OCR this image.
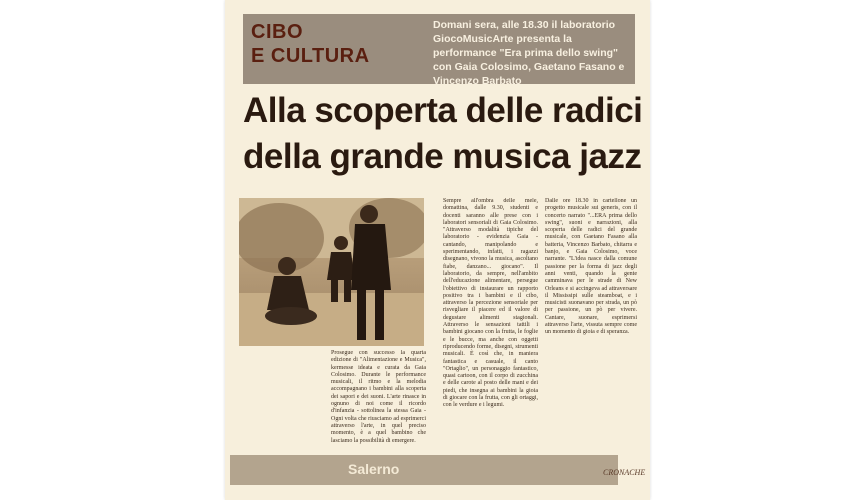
CIBO
E CULTURA
Domani sera, alle 18.30 il laboratorio GiocoMusicArte presenta la performance "Era prima dello swing" con Gaia Colosimo, Gaetano Fasano e Vincenzo Barbato
Alla scoperta delle radici
della grande musica jazz
Prosegue con successo la quarta edizione di "Alimentazione e Musica", kermesse ideata e curata da Gaia Colosimo. Durante le performance musicali, il ritmo e la melodia accompagnano i bambini alla scoperta dei sapori e dei suoni. L'arte rinasce in ognuno di noi come il ricordo d'infanzia - sottolinea la stessa Gaia - Ogni volta che riusciamo ad esprimerci attraverso l'arte, in quel preciso momento, è a quel bambino che lasciamo la possibilità di emergere.
Sempre all'ombra delle mele, domattina, dalle 9.30, studenti e docenti saranno alle prese con i laboratori sensoriali di Gaia Colosimo. "Attraverso modalità tipiche del laboratorio - evidenzia Gaia - cantando, manipolando e sperimentando, infatti, i ragazzi disegnano, vivono la musica, ascoltano fiabe, danzano... giocano". Il laboratorio, da sempre, nell'ambito dell'educazione alimentare, persegue l'obiettivo di instaurare un rapporto positivo tra i bambini e il cibo, attraverso la percezione sensoriale per risvegliare il piacere ed il valore di degustare alimenti stagionali. Attraverso le sensazioni tattili i bambini giocano con la frutta, le foglie e le bucce, ma anche con oggetti riproducendo forme, disegni, strumenti musicali. È così che, in maniera fantastica e casuale, il canto "Ortaglio", un personaggio fantastico, quasi cartoon, con il corpo di zucchina e delle carote al posto delle mani e dei piedi, che insegna ai bambini la gioia di giocare con la frutta, con gli ortaggi, con le verdure e i legumi.
Dalle ore 18.30 in cartellone un progetto musicale sui generis, con il concerto narrato "...ERA prima dello swing", suoni e narrazioni, alla scoperta delle radici del grande musicale, con Gaetano Fasano alla batteria, Vincenzo Barbato, chitarra e banjo, e Gaia Colosimo, voce narrante. "L'idea nasce dalla comune passione per la forma di jazz degli anni venti, quando la gente camminava per le strade di New Orleans e si accingeva ad attraversare il Mississipi sulle steamboat, e i musicisti suonavano per strada, un pò per passione, un pò per vivere. Cantare, suonare, esprimersi attraverso l'arte, vissuta sempre come un momento di gioia e di speranza.
Salerno	CRONACHE
